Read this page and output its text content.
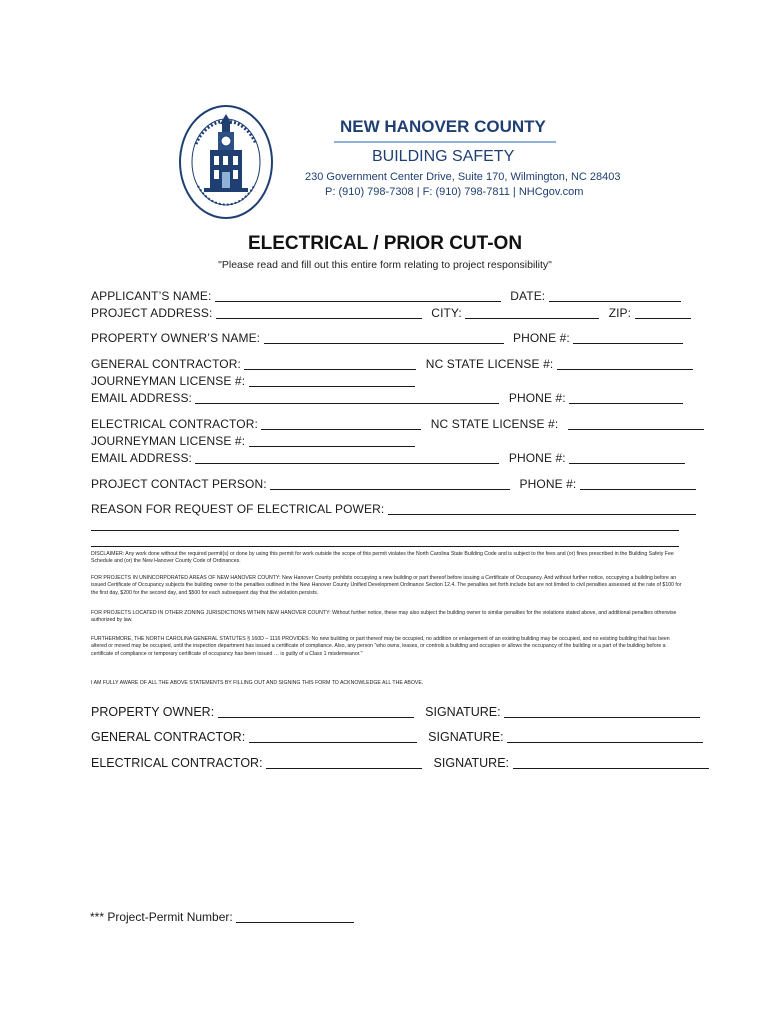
NEW HANOVER COUNTY
BUILDING SAFETY
230 Government Center Drive, Suite 170, Wilmington, NC 28403
P: (910) 798-7308 | F: (910) 798-7811 | NHCgov.com
ELECTRICAL / PRIOR CUT-ON
"Please read and fill out this entire form relating to project responsibility"
APPLICANT’S NAME:	DATE:
PROJECT ADDRESS:	CITY:	ZIP:
PROPERTY OWNER’S NAME:	PHONE #:
GENERAL CONTRACTOR:	NC STATE LICENSE #:
JOURNEYMAN LICENSE #:
EMAIL ADDRESS:	PHONE #:
ELECTRICAL CONTRACTOR:	NC STATE LICENSE #:
JOURNEYMAN LICENSE #:
EMAIL ADDRESS:	PHONE #:
PROJECT CONTACT PERSON:	PHONE #:
REASON FOR REQUEST OF ELECTRICAL POWER:
DISCLAIMER: Any work done without the required permit(s) or done by using this permit for work outside the scope of this permit violates the North Carolina State Building Code and is subject to the fees and (or) fines prescribed in the Building Safety Fee Schedule and (or) the New Hanover County Code of Ordinances.
FOR PROJECTS IN UNINCORPORATED AREAS OF NEW HANOVER COUNTY: New Hanover County prohibits occupying a new building or part thereof before issuing a Certificate of Occupancy. And without further notice, occupying a building before an issued Certificate of Occupancy subjects the building owner to the penalties outlined in the New Hanover County Unified Development Ordinance Section 12.4. The penalties set forth include but are not limited to civil penalties assessed at the rate of $100 for the first day, $200 for the second day, and $500 for each subsequent day that the violation persists.
FOR PROJECTS LOCATED IN OTHER ZONING JURISDICTIONS WITHIN NEW HANOVER COUNTY: Without further notice, these may also subject the building owner to similar penalties for the violations stated above, and additional penalties otherwise authorized by law.
FURTHERMORE, THE NORTH CAROLINA GENERAL STATUTES § 160D – 1116 PROVIDES: No new building or part thereof may be occupied, no addition or enlargement of an existing building may be occupied, and no existing building that has been altered or moved may be occupied, until the inspection department has issued a certificate of compliance. Also, any person "who owns, leases, or controls a building and occupies or allows the occupancy of the building or a part of the building before a certificate of compliance or temporary certificate of occupancy has been issued … is guilty of a Class 1 misdemeanor."
I AM FULLY AWARE OF ALL THE ABOVE STATEMENTS BY FILLING OUT AND SIGNING THIS FORM TO ACKNOWLEDGE ALL THE ABOVE.
PROPERTY OWNER:	SIGNATURE:
GENERAL CONTRACTOR:	SIGNATURE:
ELECTRICAL CONTRACTOR:	SIGNATURE:
*** Project-Permit Number:
